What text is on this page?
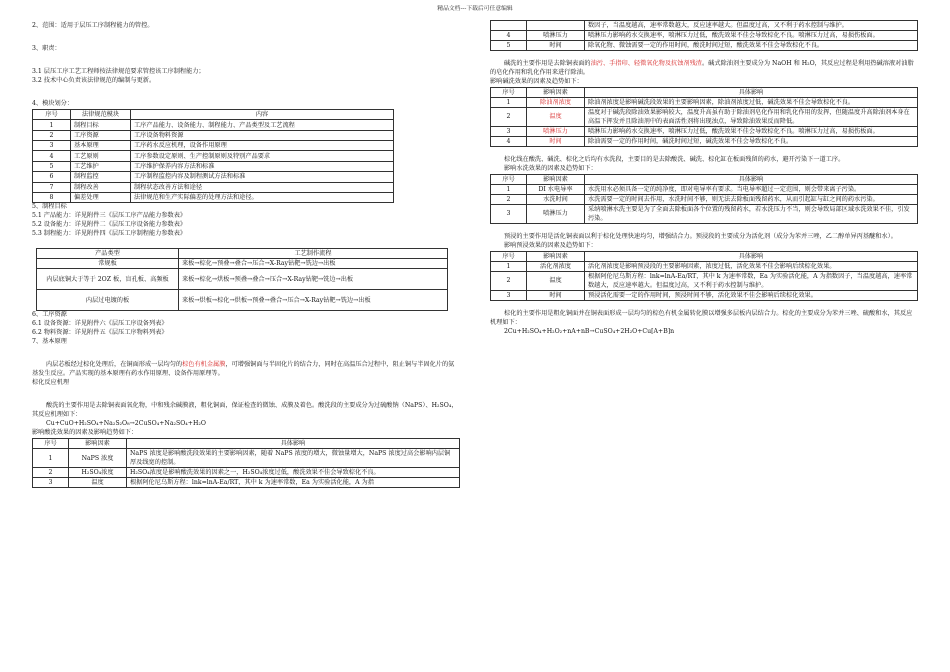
精品文档---下载后可任意编辑

2、范围：适用于层压工序制程能力的管控。

3、职责：

3.1 层压工序工艺工程师按法律规范要求管控该工序制程能力；

3.2 技术中心负责该法律规范的编制与更新。

4、模块划分：

序号	法律规范模块	内容
1	制程目标	工序产品能力、设备能力、制程能力、产品类型及工艺流程
2	工序资源	工序设备物料资源
3	基本原理	工序药水反应机理，设备作用原理
4	工艺原则	工序参数设定原则、生产控制原则及特别产品要求
5	工艺维护	工序维护保养内容方法和标准
6	制程监控	工序制程监控内容及制程测试方法和标准
7	制程改善	制程状态改善方法和途径
8	偏差处理	法律规范和生产实际偏差的处理方法和途径。

5、制程目标

5.1 产品能力：详见附件三《层压工序产品能力参数表》

5.2 设备能力：详见附件二《层压工序设备能力参数表》

5.3 制程能力：详见附件四《层压工序制程能力参数表》

产品类型	工艺制作流程
常规板	来板→棕化→预叠→叠合→压合→X-Ray钻靶→铣边→出板
内层底铜大于等于 2OZ 板，盲孔板、高频板	来板→棕化→烘板→预叠→叠合→压合→X-Ray钻靶→铣边→出板
内层过电镀的板	来板→烘板→棕化→烘板→预叠→叠合→压合→X-Ray钻靶→铣边→出板

6、工序资源

6.1 设备资源：详见附件六《层压工序设备列表》

6.2 物料资源：详见附件五《层压工序物料列表》

7、基本原理

内层芯板经过棕化处理后，在铜面形成一层均匀的棕色有机金属膜，可增强铜面与半固化片的结合力，同时在高温压合过程中，阻止铜与半固化片的氨基发生反应。产品实现的基本原理有药水作用原理、设备作用原理等。

棕化反应机理

酸洗的主要作用是去除铜表面氧化物，中和残余碱膜液，粗化铜面，保证检查的微蚀、成膜及着色。酸洗段的主要成分为过硫酸钠（NaPS）、H₂SO₄，其反应机理如下：

Cu+CuO+H₂SO₄+Na₂S₂O₈→2CuSO₄+Na₂SO₄+H₂O

影响酸洗效果的因素及影响趋势如下：

序号	影响因素	具体影响
1	NaPS 浓度	NaPS 浓度是影响酸洗段效果的主要影响因素，随着 NaPS 浓度的增大，微蚀量增大，NaPS 浓度过高会影响内层铜厚及线宽的控制。
2	H₂SO₄浓度	H₂SO₄浓度是影响酸洗效果的因素之一，H₂SO₄浓度过低，酸洗效果不佳会导致棕化不良。
3	温度	根据阿伦尼乌斯方程：lnk=lnA-Ea/RT，其中 k 为速率常数，Ea 为实验活化能，A 为指
		数因子，当温度越高，速率常数越大，反应速率越大。但温度过高，又不利于药水控制与维护。
4	喷淋压力	喷淋压力影响药水交换速率，喷淋压力过低，酸洗效果不佳会导致棕化不良。喷淋压力过高，易损伤板面。
5	时间	除氧化物、微蚀需要一定的作用时间，酸洗时间过短，酸洗效果不佳会导致棕化不良。

碱洗的主要作用是去除铜表面的油污、手指印、轻微氧化物及抗蚀剂残渣。碱式除油剂主要成分为 NaOH 和 H₂O，其反应过程是利用热碱溶液对油脂的皂化作用和乳化作用来进行除油。

影响碱洗效果的因素及趋势如下：

序号	影响因素	具体影响
1	除油剂浓度	除油剂浓度是影响碱洗段效果的主要影响因素，除油剂浓度过低，碱洗效果不佳会导致棕化不良。
2	温度	温度对于碱洗段除油效果影响较大，温度升高虽有助于除油剂皂化作用和乳化作用的发挥，但随温度升高除油剂本身在高温下挥发并且除油剂中的表面活性剂将出现浊点，导致除油效果反而降低。
3	喷淋压力	喷淋压力影响药水交换速率，喷淋压力过低，酸洗效果不佳会导致棕化不良。喷淋压力过高，易损伤板面。
4	时间	除油需要一定的作用时间，碱洗时间过短，碱洗效果不佳会导致棕化不良。

棕化线在酸洗、碱洗、棕化之后均有水洗段，主要目的是去除酸洗、碱洗、棕化缸在板面残留的药水，避开污染下一道工序。

影响水洗效果的因素及趋势如下：

序号	影响因素	具体影响
1	DI 水电导率	水洗用水必须具备一定的纯净度，即对电导率有要求。当电导率超过一定范围，则会带来离子污染。
2	水洗时间	水洗需要一定的时间去作用，水洗时间不够，则无法去除板面残留药水，从而引起缸与缸之间的药水污染。
3	喷淋压力	采纳喷淋水洗主要是为了全面去除板面各个位置的残留药水，若水洗压力不当，则会导致局部区域水洗效果不佳，引发污染。

预浸的主要作用是活化铜表面以利于棕化处理快速均匀，增强结合力。预浸段的主要成分为活化剂（成分为苯并三唑，乙二醇单异丙基醚和水）。

影响预浸效果的因素及趋势如下：

序号	影响因素	具体影响
1	活化剂浓度	活化剂浓度是影响预浸段的主要影响因素，浓度过低，活化效果不佳会影响后续棕化效果。
2	温度	根据阿伦尼乌斯方程：lnk=lnA-Ea/RT，其中 k 为速率常数，Ea 为实验活化能，A 为指数因子，当温度越高，速率常数越大，反应速率越大。但温度过高，又不利于药水控制与维护。
3	时间	预浸活化需要一定的作用时间，预浸时间不够，活化效果不佳会影响后续棕化效果。

棕化的主要作用是粗化铜面并在铜表面形成一层均匀的棕色有机金属转化膜以增强多层板内层结合力。棕化的主要成分为苯并三唑、硫酸和水，其反应机理如下：

2Cu+H₂SO₄+H₂O₂+nA+nB→CuSO₄+2H₂O+Cu[A+B]n
